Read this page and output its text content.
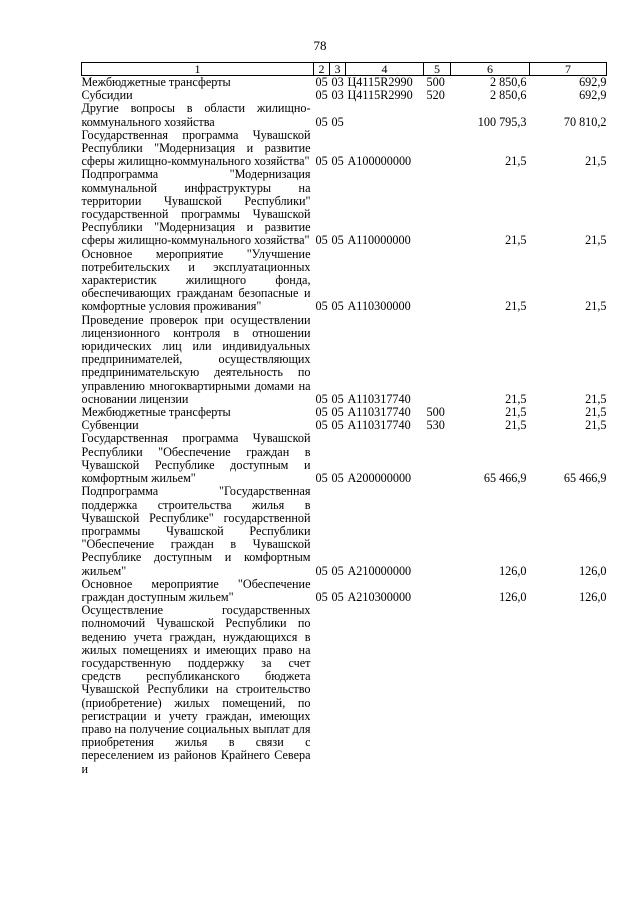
78
1	2	3	4	5	6	7
Межбюджетные трансферты	05	03	Ц4115R2990	500	2 850,6	692,9
Субсидии	05	03	Ц4115R2990	520	2 850,6	692,9
Другие вопросы в области жилищно-коммунального хозяйства	05	05			100 795,3	70 810,2
Государственная программа Чувашской Республики "Модернизация и развитие сферы жилищно-коммунального хозяйства"	05	05	А100000000		21,5	21,5
Подпрограмма "Модернизация коммунальной инфраструктуры на территории Чувашской Республики" государственной программы Чувашской Республики "Модернизация и развитие сферы жилищно-коммунального хозяйства"	05	05	А110000000		21,5	21,5
Основное мероприятие "Улучшение потребительских и эксплуатационных характеристик жилищного фонда, обеспечивающих гражданам безопасные и комфортные условия проживания"	05	05	А110300000		21,5	21,5
Проведение проверок при осуществлении лицензионного контроля в отношении юридических лиц или индивидуальных предпринимателей, осуществляющих предпринимательскую деятельность по управлению многоквартирными домами на основании лицензии	05	05	А110317740		21,5	21,5
Межбюджетные трансферты	05	05	А110317740	500	21,5	21,5
Субвенции	05	05	А110317740	530	21,5	21,5
Государственная программа Чувашской Республики "Обеспечение граждан в Чувашской Республике доступным и комфортным жильем"	05	05	А200000000		65 466,9	65 466,9
Подпрограмма "Государственная поддержка строительства жилья в Чувашской Республике" государственной программы Чувашской Республики "Обеспечение граждан в Чувашской Республике доступным и комфортным жильем"	05	05	А210000000		126,0	126,0
Основное мероприятие "Обеспечение граждан доступным жильем"	05	05	А210300000		126,0	126,0
Осуществление государственных полномочий Чувашской Республики по ведению учета граждан, нуждающихся в жилых помещениях и имеющих право на государственную поддержку за счет средств республиканского бюджета Чувашской Республики на строительство (приобретение) жилых помещений, по регистрации и учету граждан, имеющих право на получение социальных выплат для приобретения жилья в связи с переселением из районов Крайнего Севера и						
